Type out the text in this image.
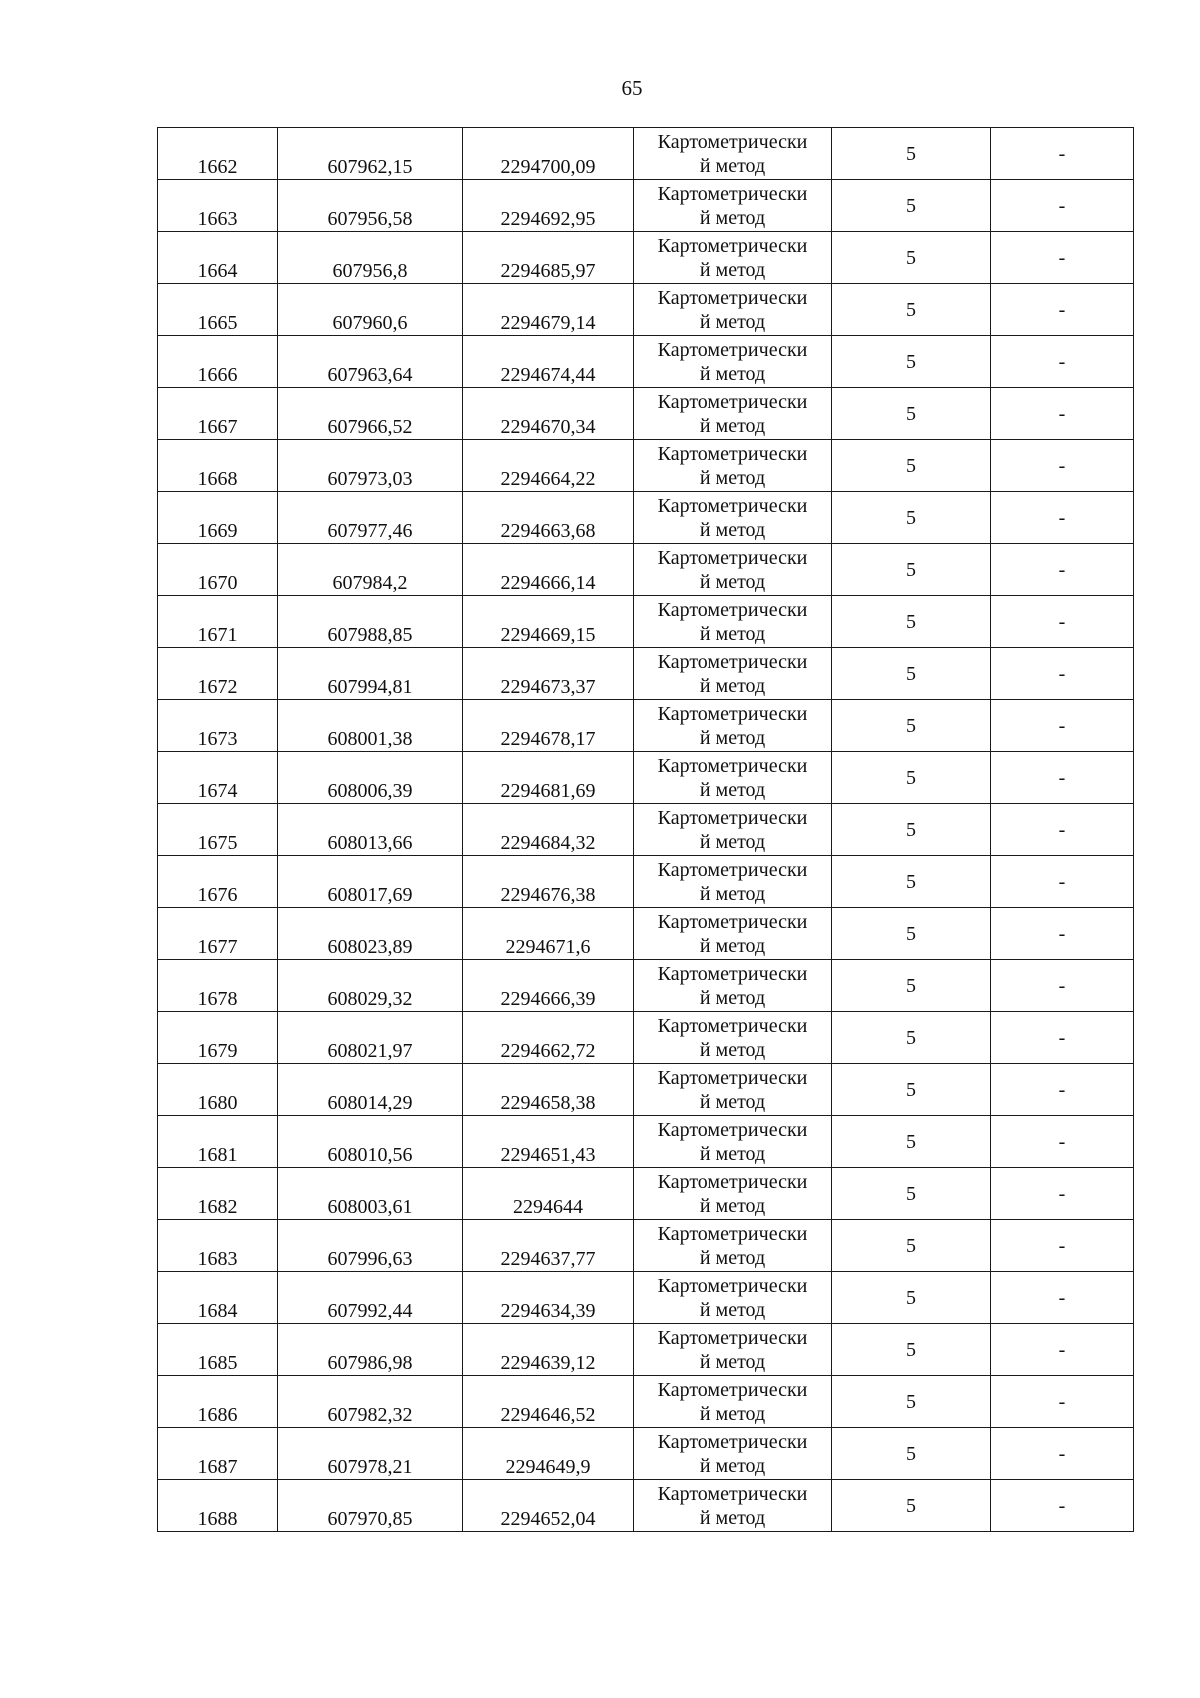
65
1662	607962,15	2294700,09	Картометрически
й метод	5	-
1663	607956,58	2294692,95	Картометрически
й метод	5	-
1664	607956,8	2294685,97	Картометрически
й метод	5	-
1665	607960,6	2294679,14	Картометрически
й метод	5	-
1666	607963,64	2294674,44	Картометрически
й метод	5	-
1667	607966,52	2294670,34	Картометрически
й метод	5	-
1668	607973,03	2294664,22	Картометрически
й метод	5	-
1669	607977,46	2294663,68	Картометрически
й метод	5	-
1670	607984,2	2294666,14	Картометрически
й метод	5	-
1671	607988,85	2294669,15	Картометрически
й метод	5	-
1672	607994,81	2294673,37	Картометрически
й метод	5	-
1673	608001,38	2294678,17	Картометрически
й метод	5	-
1674	608006,39	2294681,69	Картометрически
й метод	5	-
1675	608013,66	2294684,32	Картометрически
й метод	5	-
1676	608017,69	2294676,38	Картометрически
й метод	5	-
1677	608023,89	2294671,6	Картометрически
й метод	5	-
1678	608029,32	2294666,39	Картометрически
й метод	5	-
1679	608021,97	2294662,72	Картометрически
й метод	5	-
1680	608014,29	2294658,38	Картометрически
й метод	5	-
1681	608010,56	2294651,43	Картометрически
й метод	5	-
1682	608003,61	2294644	Картометрически
й метод	5	-
1683	607996,63	2294637,77	Картометрически
й метод	5	-
1684	607992,44	2294634,39	Картометрически
й метод	5	-
1685	607986,98	2294639,12	Картометрически
й метод	5	-
1686	607982,32	2294646,52	Картометрически
й метод	5	-
1687	607978,21	2294649,9	Картометрически
й метод	5	-
1688	607970,85	2294652,04	Картометрически
й метод	5	-
